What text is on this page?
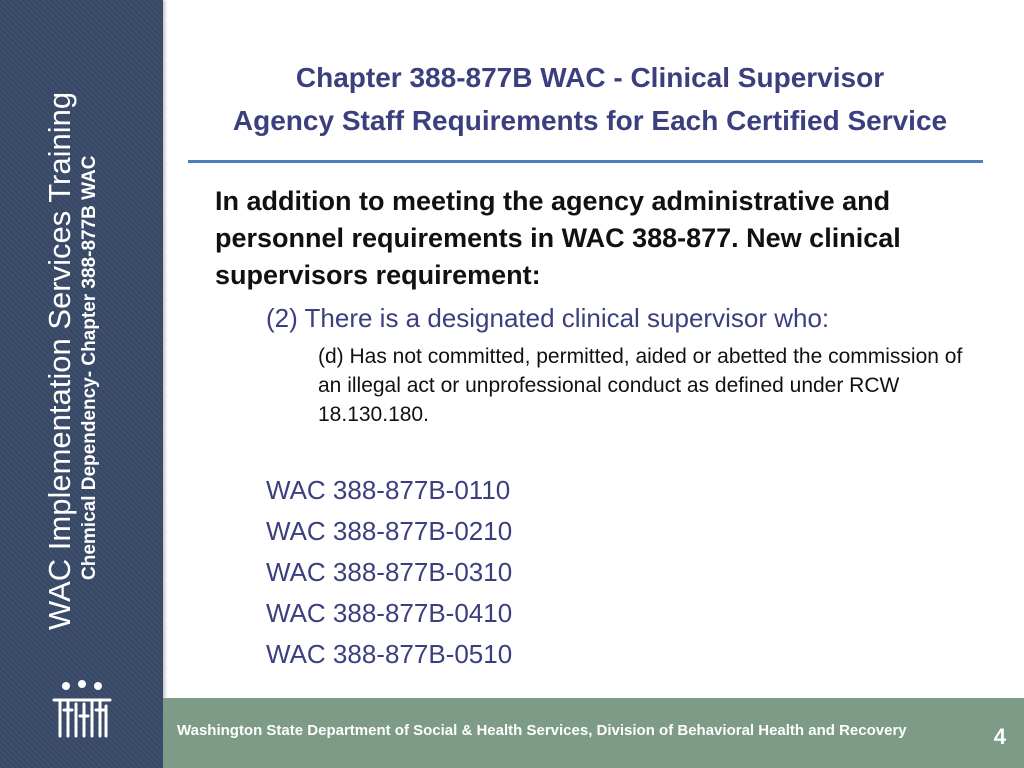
WAC Implementation Services Training Chemical Dependency- Chapter 388-877B WAC
Chapter 388-877B WAC - Clinical Supervisor
Agency Staff Requirements for Each Certified Service
In addition to meeting the agency administrative and personnel requirements in WAC 388-877. New clinical supervisors requirement:
(2) There is a designated clinical supervisor who:
(d) Has not committed, permitted, aided or abetted the commission of an illegal act or unprofessional conduct as defined under RCW 18.130.180.
WAC 388-877B-0110
WAC 388-877B-0210
WAC 388-877B-0310
WAC 388-877B-0410
WAC 388-877B-0510
Washington State Department of Social & Health Services, Division of Behavioral Health and Recovery	4
